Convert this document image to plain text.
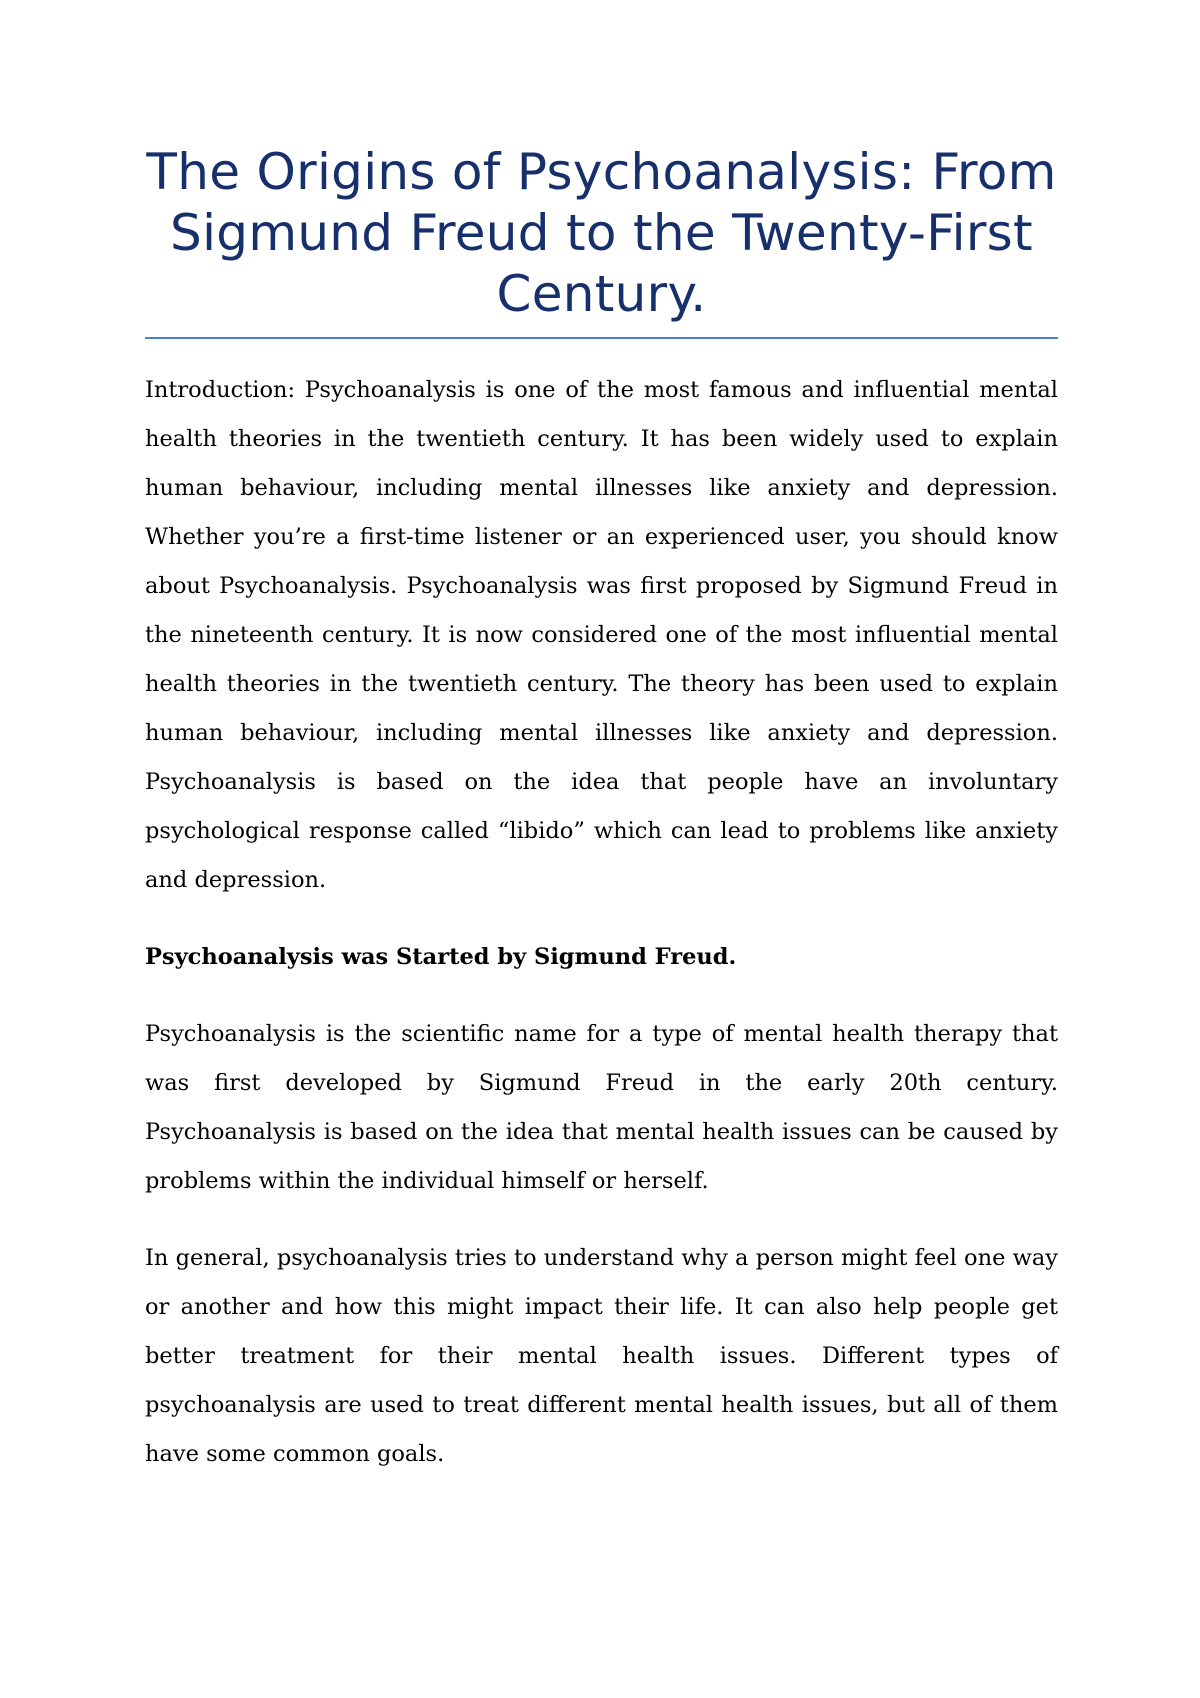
The Origins of Psychoanalysis: From Sigmund Freud to the Twenty-First Century.

Introduction: Psychoanalysis is one of the most famous and influential mental health theories in the twentieth century. It has been widely used to explain human behaviour, including mental illnesses like anxiety and depression. Whether you’re a first-time listener or an experienced user, you should know about Psychoanalysis. Psychoanalysis was first proposed by Sigmund Freud in the nineteenth century. It is now considered one of the most influential mental health theories in the twentieth century. The theory has been used to explain human behaviour, including mental illnesses like anxiety and depression. Psychoanalysis is based on the idea that people have an involuntary psychological response called “libido” which can lead to problems like anxiety and depression.

Psychoanalysis was Started by Sigmund Freud.

Psychoanalysis is the scientific name for a type of mental health therapy that was first developed by Sigmund Freud in the early 20th century. Psychoanalysis is based on the idea that mental health issues can be caused by problems within the individual himself or herself.

In general, psychoanalysis tries to understand why a person might feel one way or another and how this might impact their life. It can also help people get better treatment for their mental health issues. Different types of psychoanalysis are used to treat different mental health issues, but all of them have some common goals.
